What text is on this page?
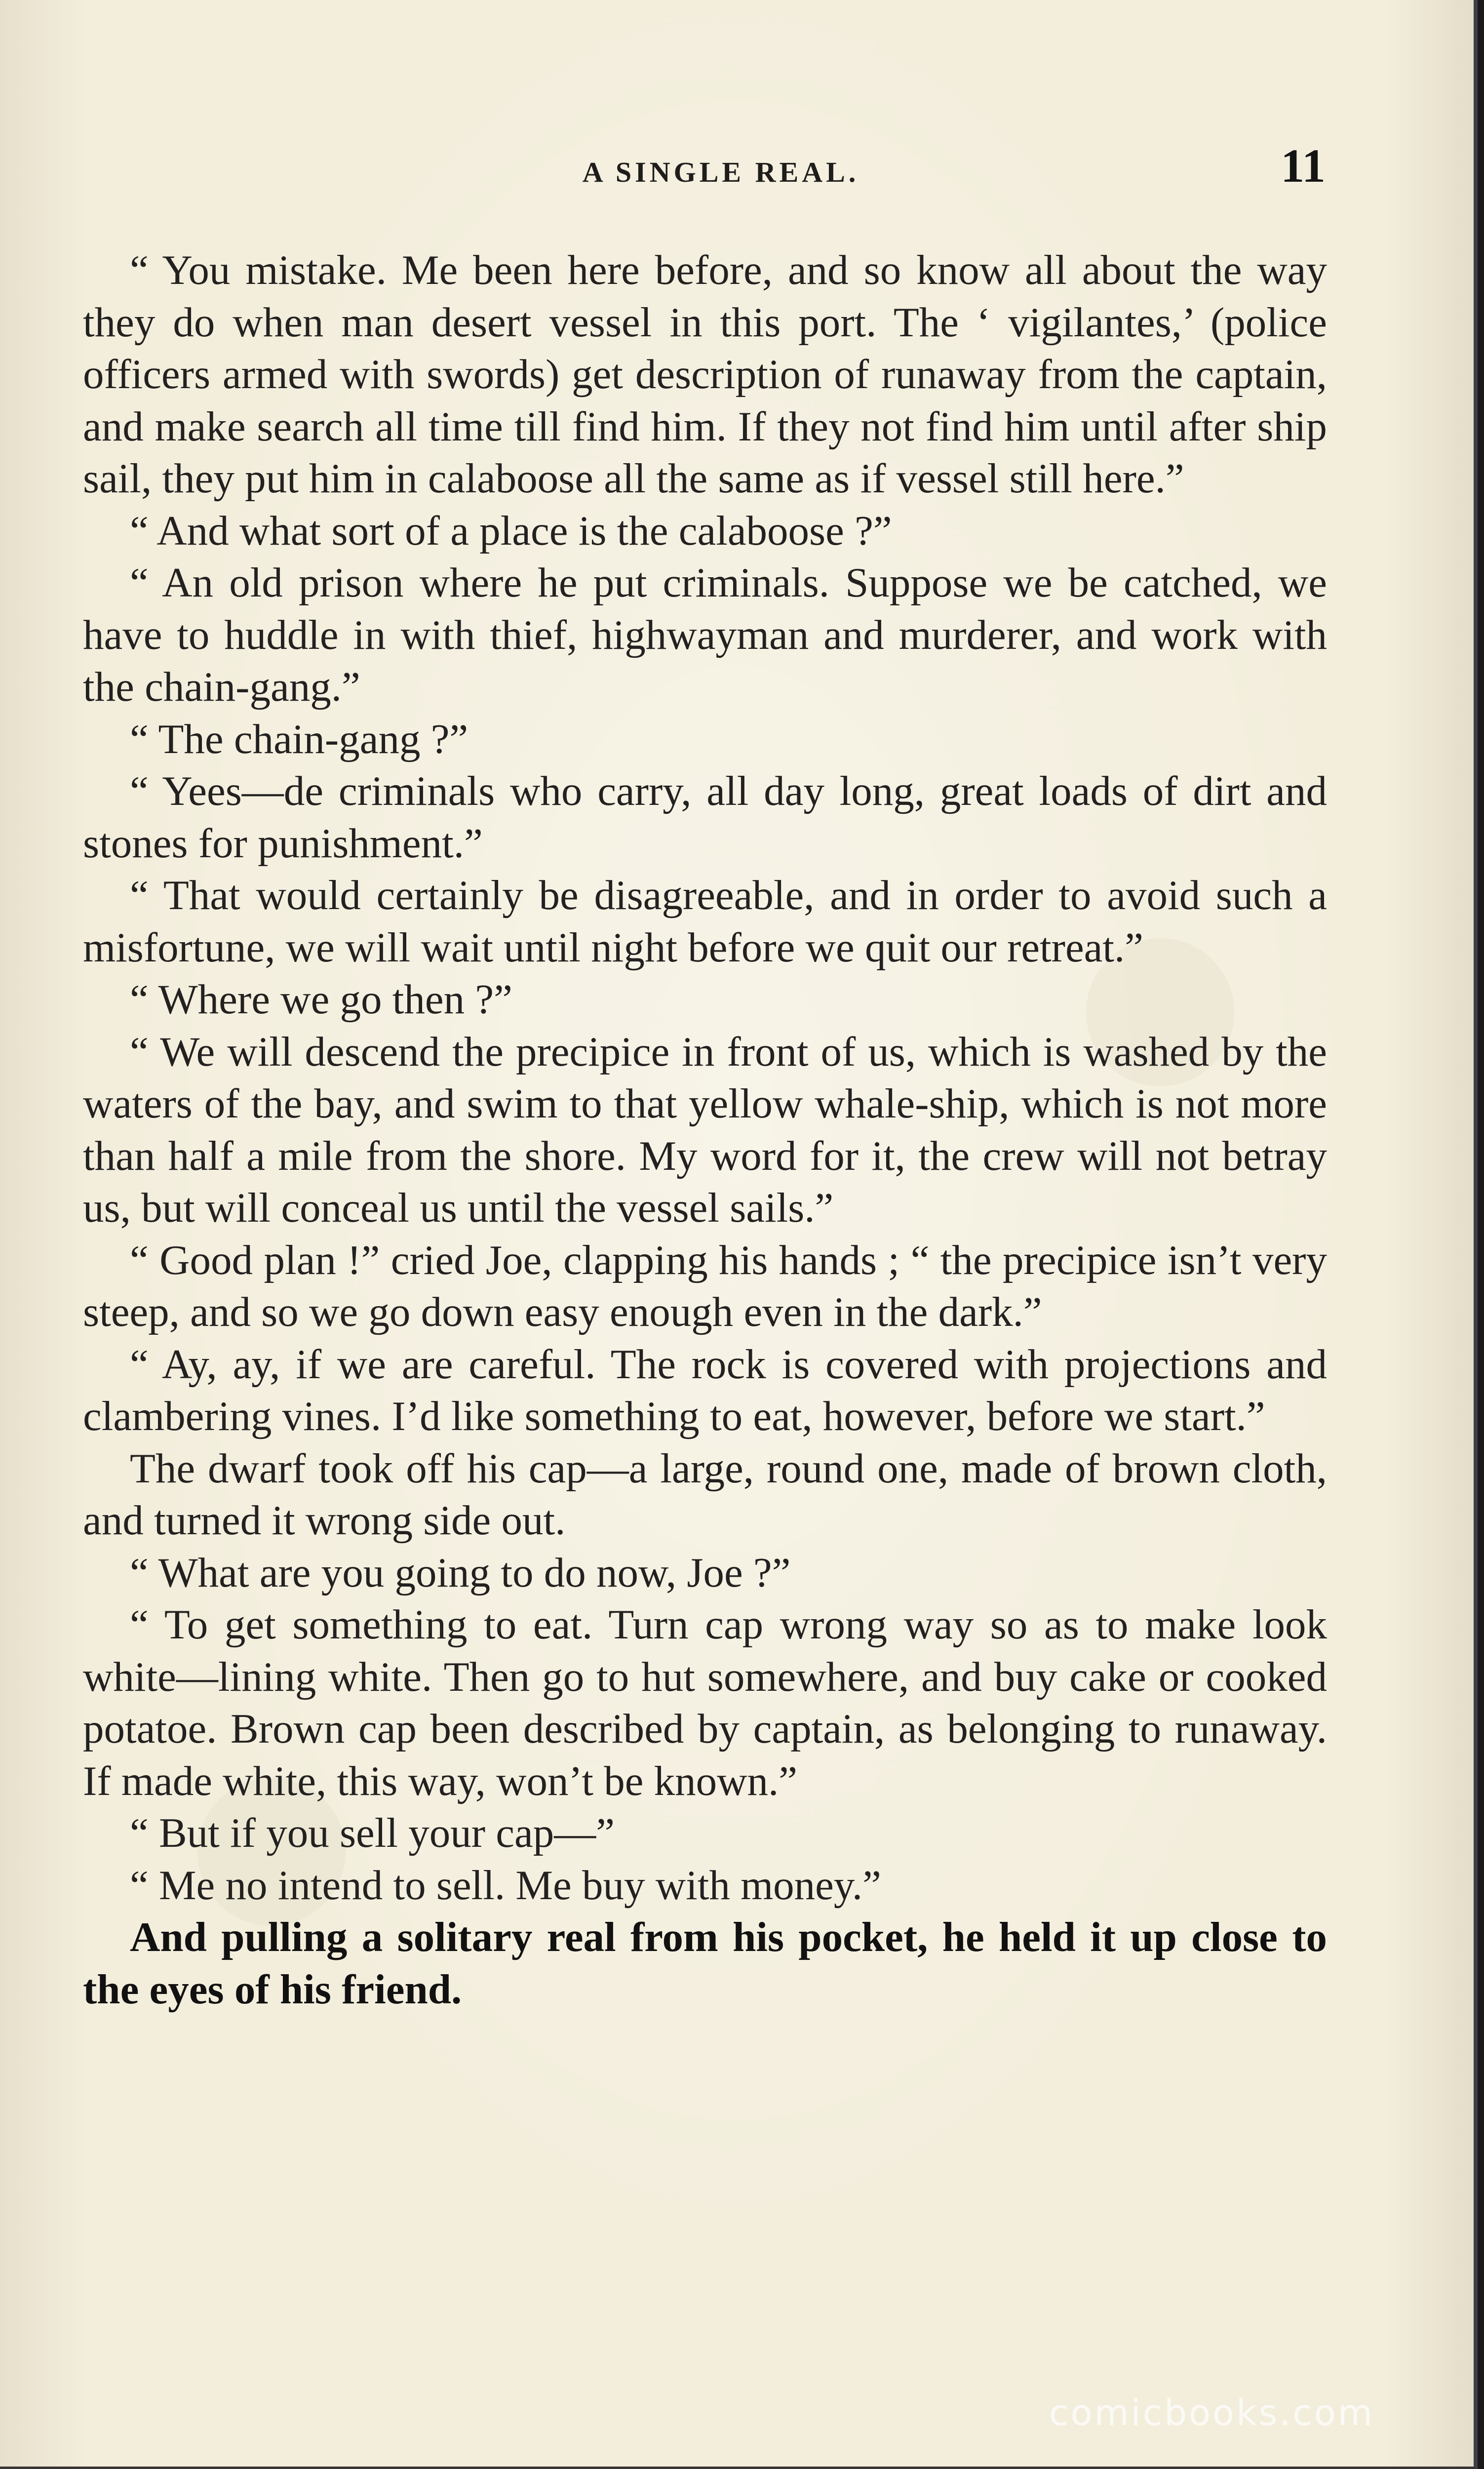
A SINGLE REAL.	11

“ You mistake. Me been here before, and so know all about the way they do when man desert vessel in this port. The ‘ vigilantes,’ (police officers armed with swords) get description of runaway from the captain, and make search all time till find him. If they not find him until after ship sail, they put him in calaboose all the same as if vessel still here.”

“ And what sort of a place is the calaboose ?”

“ An old prison where he put criminals. Suppose we be catched, we have to huddle in with thief, highwayman and murderer, and work with the chain-gang.”

“ The chain-gang ?”

“ Yees—de criminals who carry, all day long, great loads of dirt and stones for punishment.”

“ That would certainly be disagreeable, and in order to avoid such a misfortune, we will wait until night before we quit our retreat.”

“ Where we go then ?”

“ We will descend the precipice in front of us, which is washed by the waters of the bay, and swim to that yellow whale-ship, which is not more than half a mile from the shore. My word for it, the crew will not betray us, but will conceal us until the vessel sails.”

“ Good plan !” cried Joe, clapping his hands ; “ the precipice isn’t very steep, and so we go down easy enough even in the dark.”

“ Ay, ay, if we are careful. The rock is covered with projections and clambering vines. I’d like something to eat, however, before we start.”

The dwarf took off his cap—a large, round one, made of brown cloth, and turned it wrong side out.

“ What are you going to do now, Joe ?”

“ To get something to eat. Turn cap wrong way so as to make look white—lining white. Then go to hut somewhere, and buy cake or cooked potatoe. Brown cap been described by captain, as belonging to runaway. If made white, this way, won’t be known.”

“ But if you sell your cap—”

“ Me no intend to sell. Me buy with money.”

And pulling a solitary real from his pocket, he held it up close to the eyes of his friend.

comicbooks.com
